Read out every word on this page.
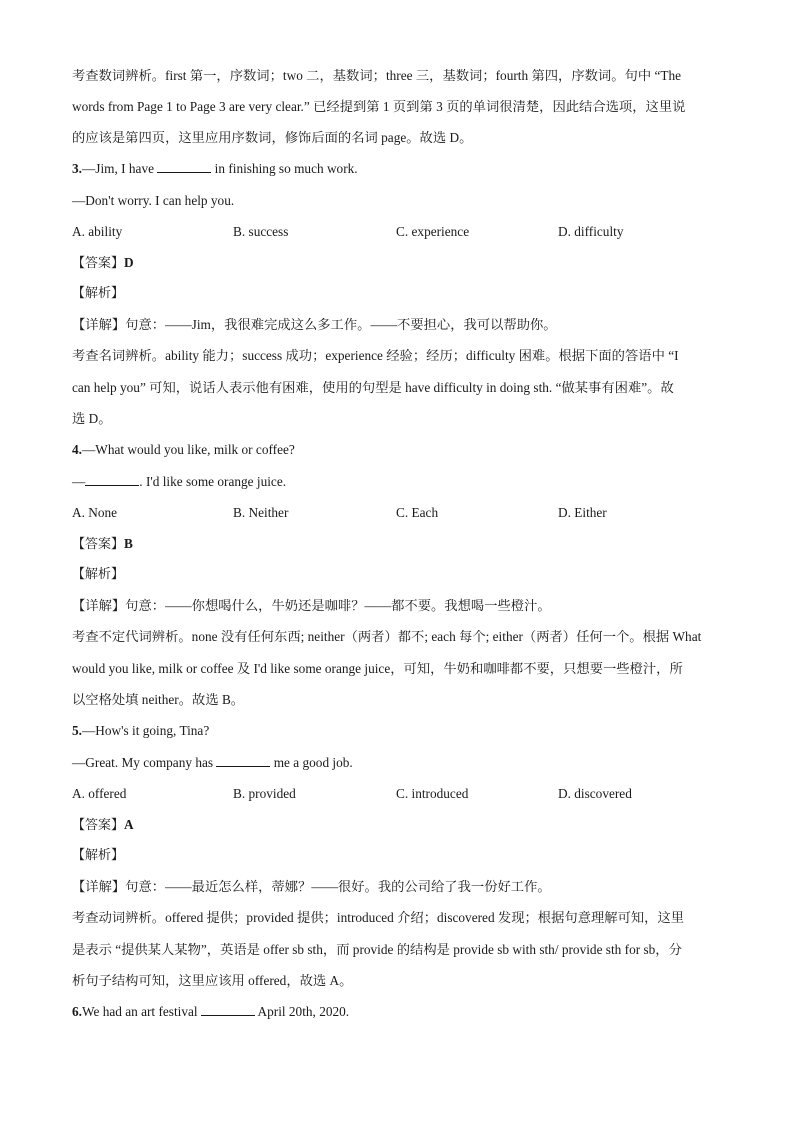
考查数词辨析。first 第一，序数词；two 二，基数词；three 三，基数词；fourth 第四，序数词。句中 “The
words from Page 1 to Page 3 are very clear.” 已经提到第 1 页到第 3 页的单词很清楚，因此结合选项，这里说
的应该是第四页，这里应用序数词，修饰后面的名词 page。故选 D。
3.—Jim, I have	in finishing so much work.
—Don't worry. I can help you.
A. ability	B. success	C. experience	D. difficulty
【答案】D
【解析】
【详解】句意：——Jim，我很难完成这么多工作。——不要担心，我可以帮助你。
考查名词辨析。ability 能力；success 成功；experience 经验；经历；difficulty 困难。根据下面的答语中 “I
can help you” 可知，说话人表示他有困难，使用的句型是 have difficulty in doing sth. “做某事有困难”。故
选 D。
4.—What would you like, milk or coffee?
—	. I'd like some orange juice.
A. None	B. Neither	C. Each	D. Either
【答案】B
【解析】
【详解】句意：——你想喝什么，牛奶还是咖啡？——都不要。我想喝一些橙汁。
考查不定代词辨析。none 没有任何东西; neither（两者）都不; each 每个; either（两者）任何一个。根据 What
would you like, milk or coffee 及 I'd like some orange juice，可知，牛奶和咖啡都不要，只想要一些橙汁，所
以空格处填 neither。故选 B。
5.—How's it going, Tina?
—Great. My company has	me a good job.
A. offered	B. provided	C. introduced	D. discovered
【答案】A
【解析】
【详解】句意：——最近怎么样，蒂娜？——很好。我的公司给了我一份好工作。
考查动词辨析。offered 提供；provided 提供；introduced 介绍；discovered 发现；根据句意理解可知，这里
是表示 “提供某人某物”，英语是 offer sb sth，而 provide 的结构是 provide sb with sth/ provide sth for sb，分
析句子结构可知，这里应该用 offered，故选 A。
6.We had an art festival	April 20th, 2020.
